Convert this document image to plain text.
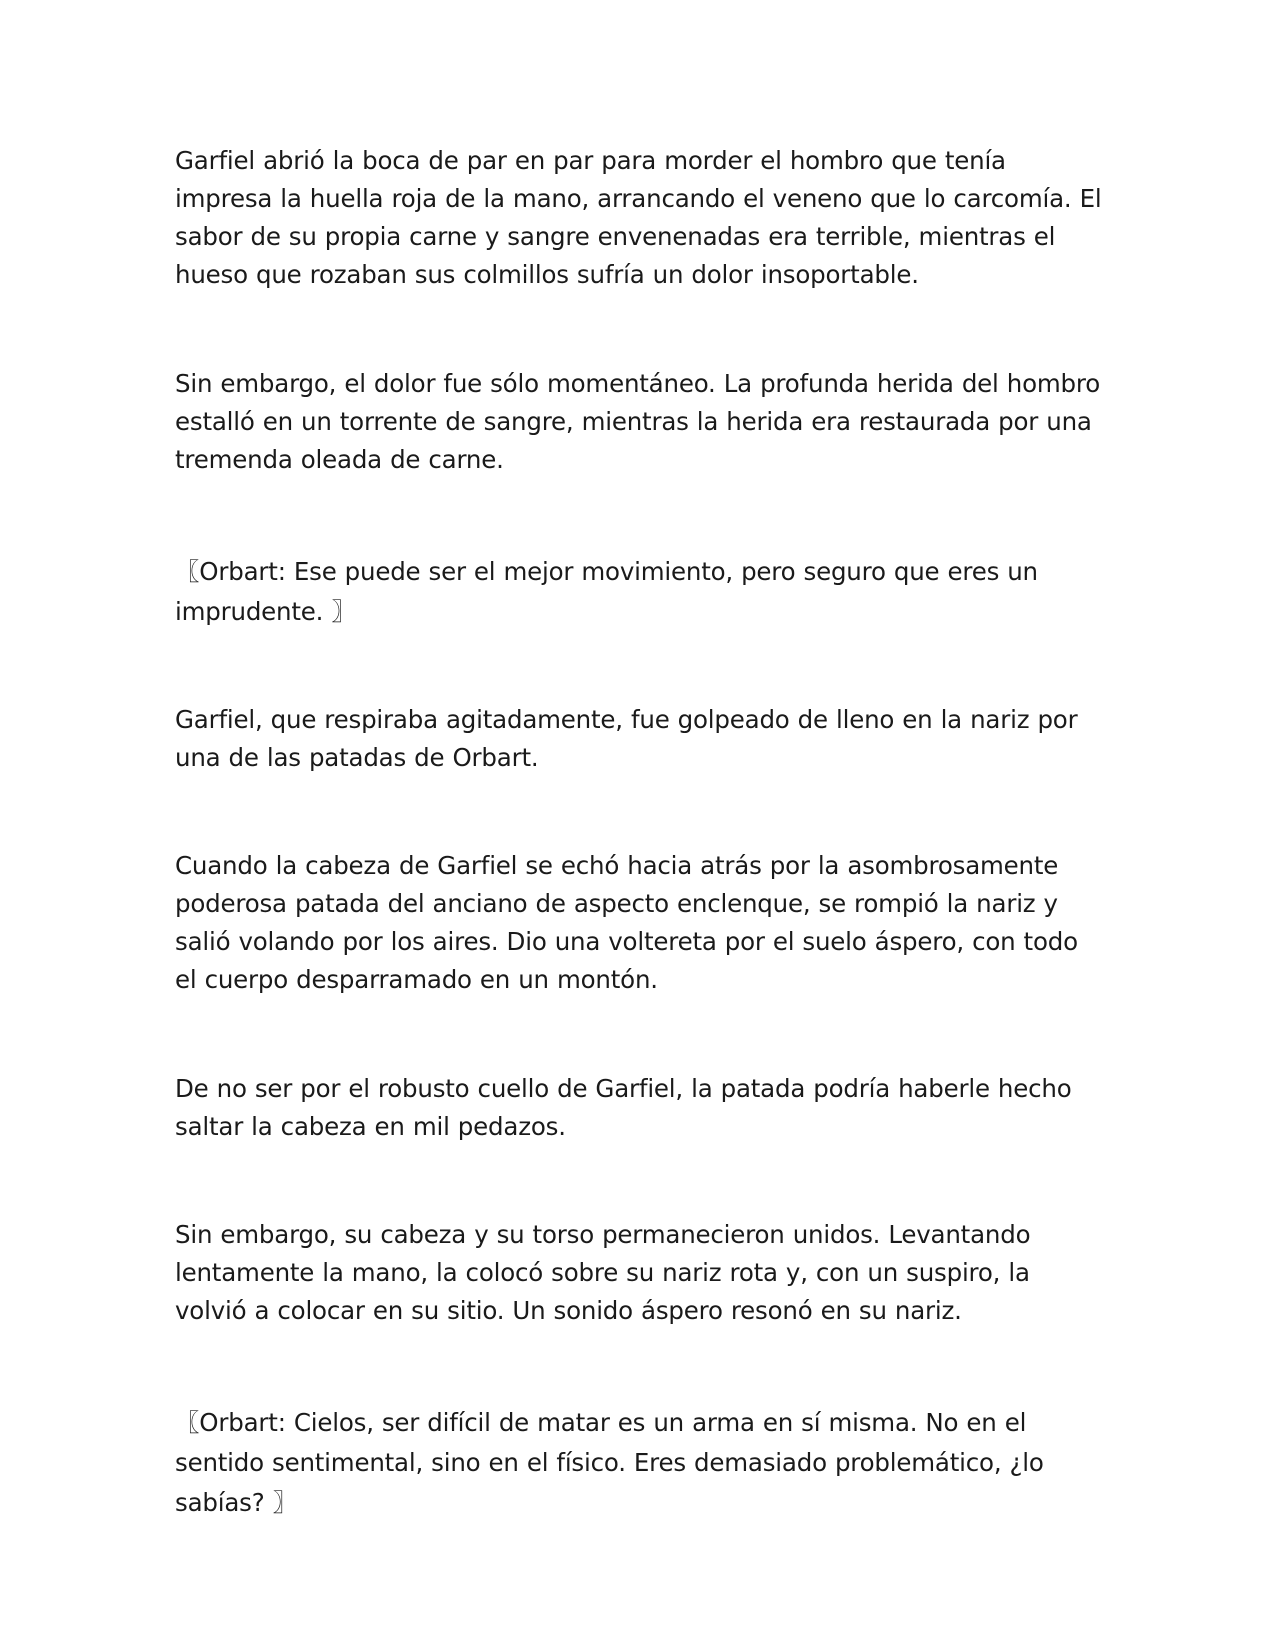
Garfiel abrió la boca de par en par para morder el hombro que tenía impresa la huella roja de la mano, arrancando el veneno que lo carcomía. El sabor de su propia carne y sangre envenenadas era terrible, mientras el hueso que rozaban sus colmillos sufría un dolor insoportable.

Sin embargo, el dolor fue sólo momentáneo. La profunda herida del hombro estalló en un torrente de sangre, mientras la herida era restaurada por una tremenda oleada de carne.

〖Orbart: Ese puede ser el mejor movimiento, pero seguro que eres un imprudente. 〗

Garfiel, que respiraba agitadamente, fue golpeado de lleno en la nariz por una de las patadas de Orbart.

Cuando la cabeza de Garfiel se echó hacia atrás por la asombrosamente poderosa patada del anciano de aspecto enclenque, se rompió la nariz y salió volando por los aires. Dio una voltereta por el suelo áspero, con todo el cuerpo desparramado en un montón.

De no ser por el robusto cuello de Garfiel, la patada podría haberle hecho saltar la cabeza en mil pedazos.

Sin embargo, su cabeza y su torso permanecieron unidos. Levantando lentamente la mano, la colocó sobre su nariz rota y, con un suspiro, la volvió a colocar en su sitio. Un sonido áspero resonó en su nariz.

〖Orbart: Cielos, ser difícil de matar es un arma en sí misma. No en el sentido sentimental, sino en el físico. Eres demasiado problemático, ¿lo sabías? 〗
